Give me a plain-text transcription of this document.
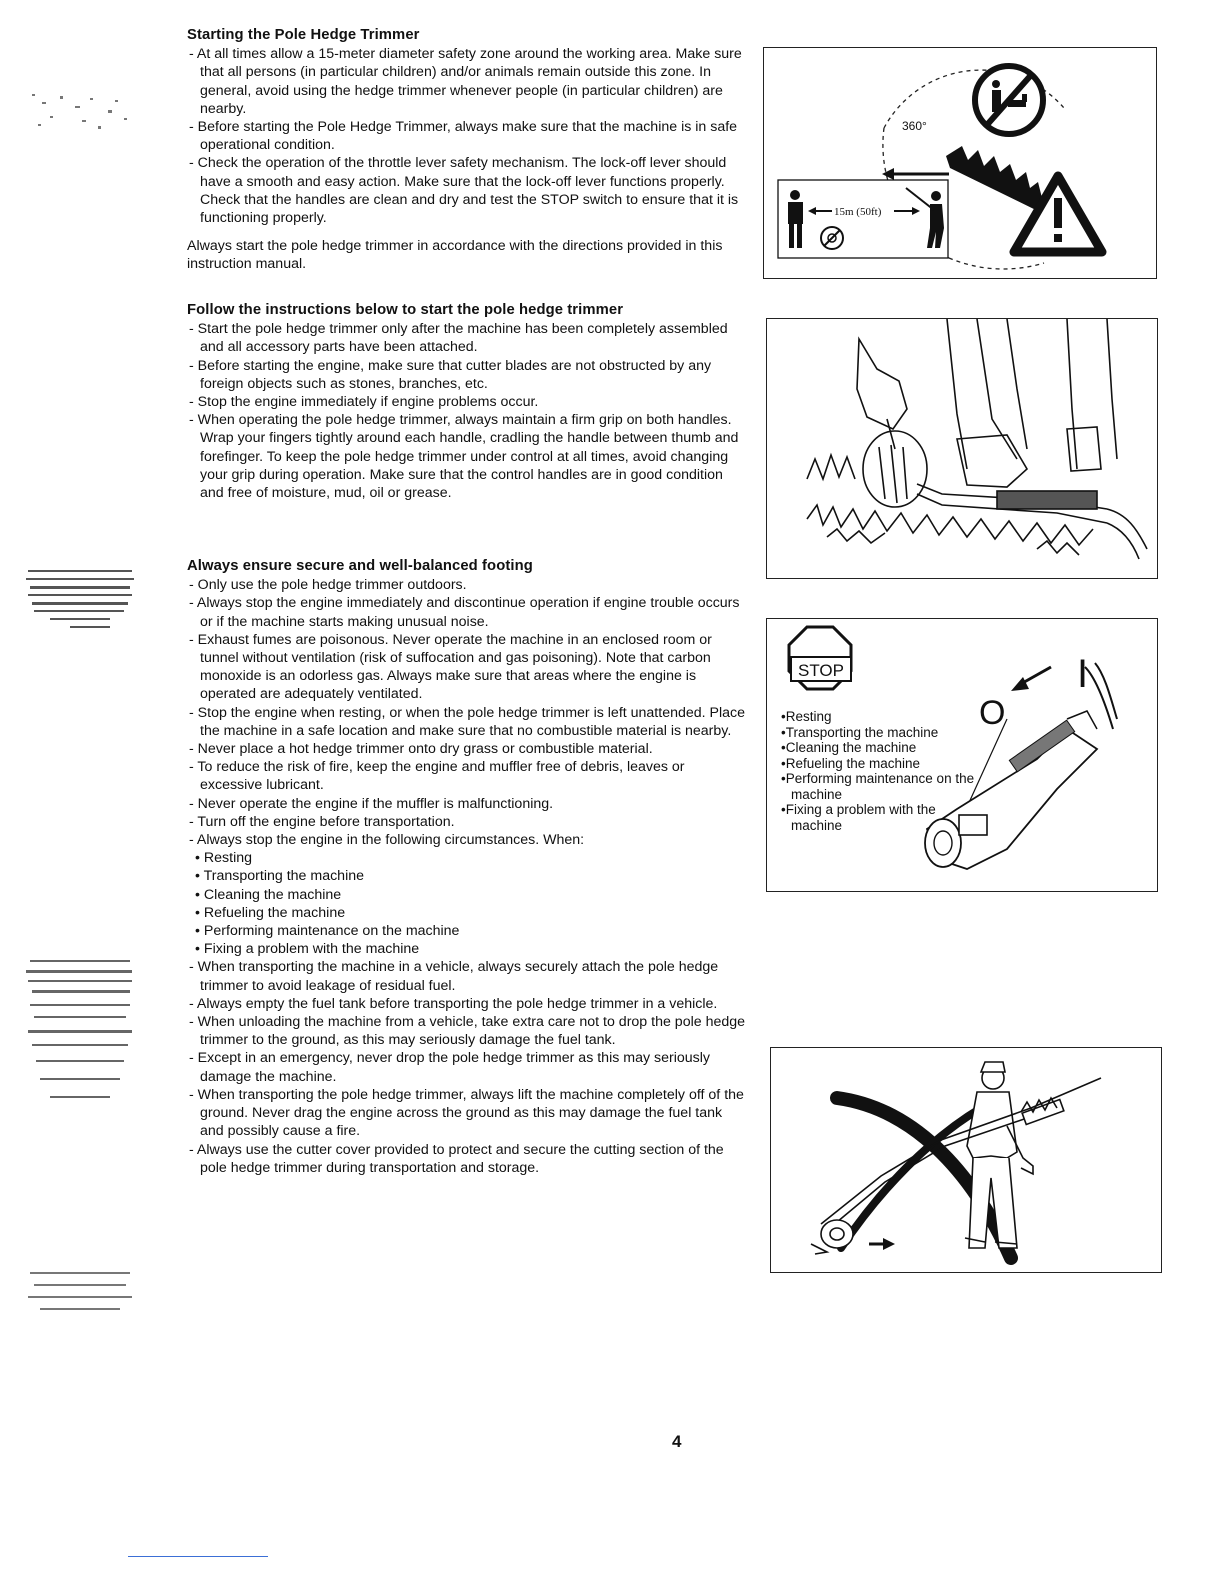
Starting the Pole Hedge Trimmer
- At all times allow a 15-meter diameter safety zone around the working area. Make sure that all persons (in particular children) and/or animals remain outside this zone. In general, avoid using the hedge trimmer whenever people (in particular children) are nearby.
- Before starting the Pole Hedge Trimmer, always make sure that the machine is in safe operational condition.
- Check the operation of the throttle lever safety mechanism. The lock-off lever should have a smooth and easy action. Make sure that the lock-off lever functions properly. Check that the handles are clean and dry and test the STOP switch to ensure that it is functioning properly.

Always start the pole hedge trimmer in accordance with the directions provided in this instruction manual.

Follow the instructions below to start the pole hedge trimmer
- Start the pole hedge trimmer only after the machine has been completely assembled and all accessory parts have been attached.
- Before starting the engine, make sure that cutter blades are not obstructed by any foreign objects such as stones, branches, etc.
- Stop the engine immediately if engine problems occur.
- When operating the pole hedge trimmer, always maintain a firm grip on both handles. Wrap your fingers tightly around each handle, cradling the handle between thumb and forefinger. To keep the pole hedge trimmer under control at all times, avoid changing your grip during operation. Make sure that the control handles are in good condition and free of moisture, mud, oil or grease.
Always ensure secure and well-balanced footing
- Only use the pole hedge trimmer outdoors.
- Always stop the engine immediately and discontinue operation if engine trouble occurs or if the machine starts making unusual noise.
- Exhaust fumes are poisonous. Never operate the machine in an enclosed room or tunnel without ventilation (risk of suffocation and gas poisoning). Note that carbon monoxide is an odorless gas. Always make sure that areas where the engine is operated are adequately ventilated.
- Stop the engine when resting, or when the pole hedge trimmer is left unattended. Place the machine in a safe location and make sure that no combustible material is nearby.
- Never place a hot hedge trimmer onto dry grass or combustible material.
- To reduce the risk of fire, keep the engine and muffler free of debris, leaves or excessive lubricant.
- Never operate the engine if the muffler is malfunctioning.
- Turn off the engine before transportation.
- Always stop the engine in the following circumstances. When:
• Resting
• Transporting the machine
• Cleaning the machine
• Refueling the machine
• Performing maintenance on the machine
• Fixing a problem with the machine
- When transporting the machine in a vehicle, always securely attach the pole hedge trimmer to avoid leakage of residual fuel.
- Always empty the fuel tank before transporting the pole hedge trimmer in a vehicle.
- When unloading the machine from a vehicle, take extra care not to drop the pole hedge trimmer to the ground, as this may seriously damage the fuel tank.
- Except in an emergency, never drop the pole hedge trimmer as this may seriously damage the machine.
- When transporting the pole hedge trimmer, always lift the machine completely off of the ground. Never drag the engine across the ground as this may damage the fuel tank and possibly cause a fire.
- Always use the cutter cover provided to protect and secure the cutting section of the pole hedge trimmer during transportation and storage.
360°
15m (50ft)
STOP
O
I
• Resting
• Transporting the machine
• Cleaning the machine
• Refueling the machine
• Performing maintenance on the machine
• Fixing a problem with the machine
4
